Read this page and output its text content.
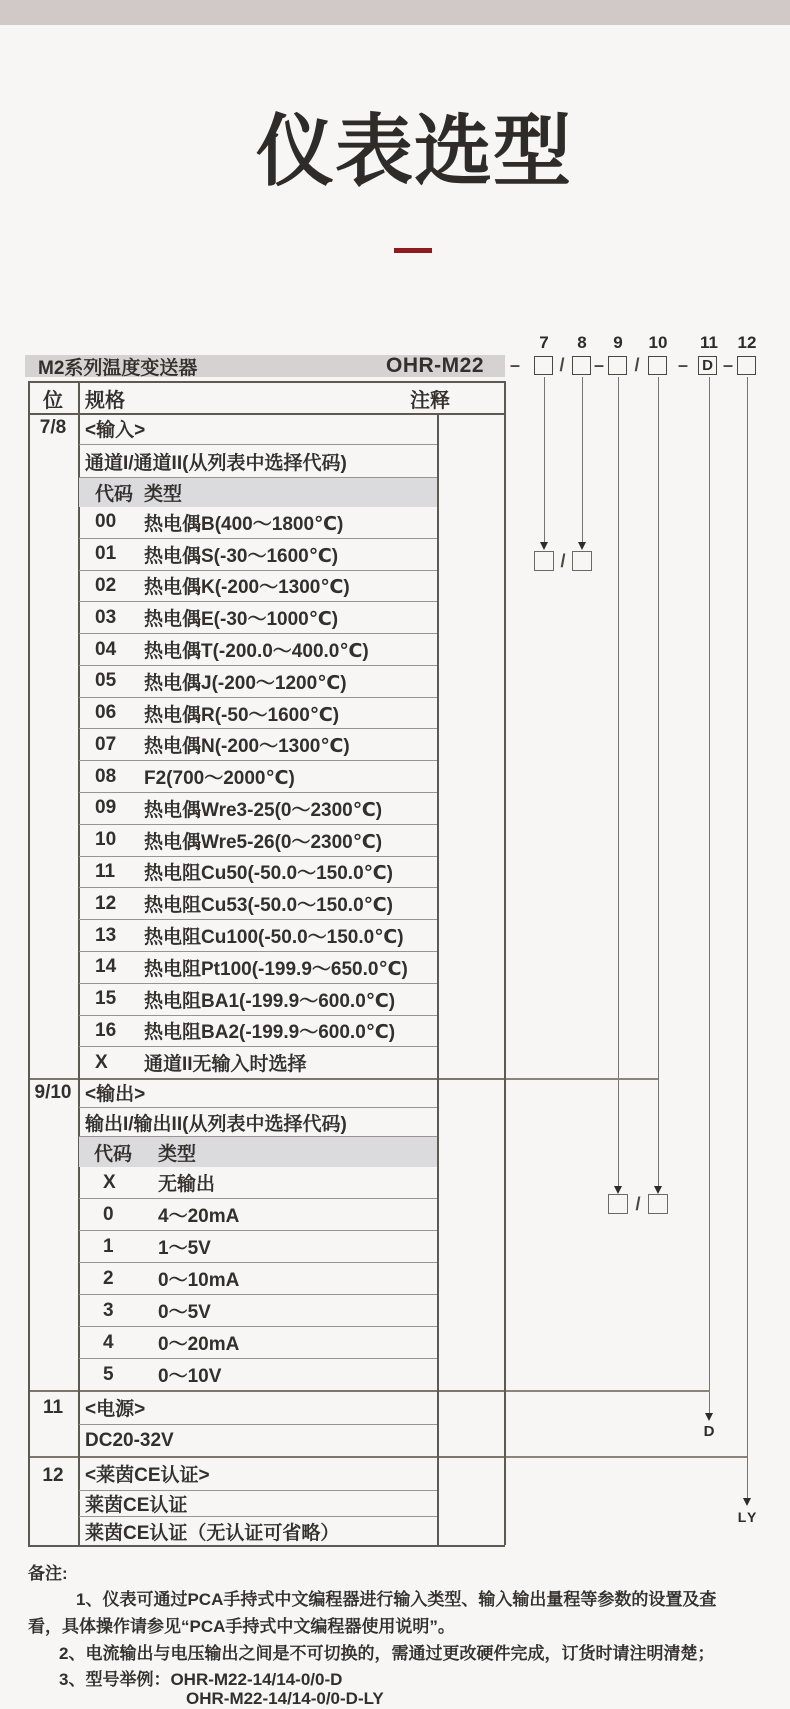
仪表选型
M2系列温度变送器	OHR-M22
7	8	9	10	11	12
–	/	–	/	– D –
/
/
D
LY
位	规格	注释
7/8 <输入>
通道I/通道II(从列表中选择代码)
代码 类型
00	热电偶B(400～1800℃)
01	热电偶S(-30～1600℃)
02	热电偶K(-200～1300℃)
03	热电偶E(-30～1000℃)
04	热电偶T(-200.0～400.0℃)
05	热电偶J(-200～1200℃)
06	热电偶R(-50～1600℃)
07	热电偶N(-200～1300℃)
08	F2(700～2000℃)
09	热电偶Wre3-25(0～2300℃)
10	热电偶Wre5-26(0～2300℃)
11	热电阻Cu50(-50.0～150.0℃)
12	热电阻Cu53(-50.0～150.0℃)
13	热电阻Cu100(-50.0～150.0℃)
14	热电阻Pt100(-199.9～650.0℃)
15	热电阻BA1(-199.9～600.0℃)
16	热电阻BA2(-199.9～600.0℃)
X	通道II无输入时选择
9/10 <输出>
输出I/输出II(从列表中选择代码)
代码	类型
X	无输出
0	4～20mA
1	1～5V
2	0～10mA
3	0～5V
4	0～20mA
5	0～10V
11	<电源>
DC20-32V
12	<莱茵CE认证>
莱茵CE认证
莱茵CE认证（无认证可省略）
备注:
1、仪表可通过PCA手持式中文编程器进行输入类型、输入输出量程等参数的设置及查
看，具体操作请参见“PCA手持式中文编程器使用说明”。
2、电流输出与电压输出之间是不可切换的，需通过更改硬件完成，订货时请注明清楚；
3、型号举例：OHR-M22-14/14-0/0-D
OHR-M22-14/14-0/0-D-LY
